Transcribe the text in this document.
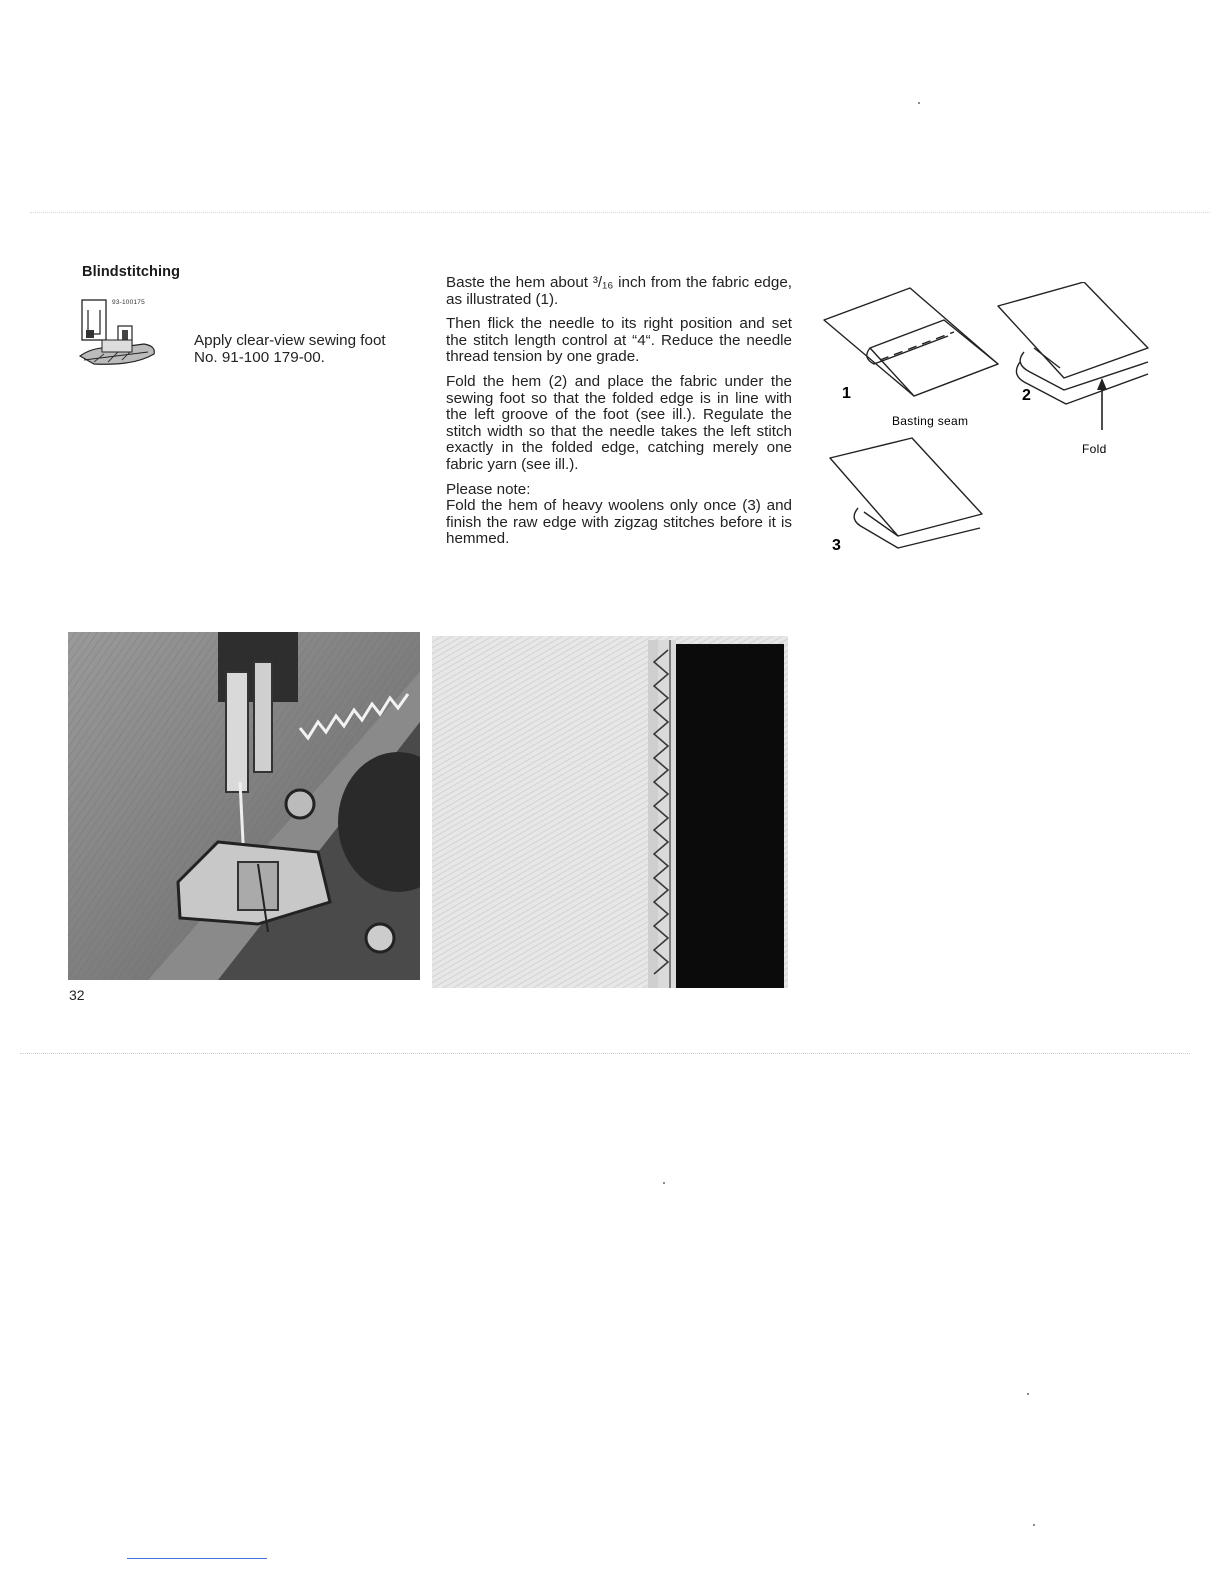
Blindstitching
93-100175
Apply clear-view sewing foot
No. 91-100 179-00.

Baste the hem about ³/₁₆ inch from the fabric edge, as illustrated (1).

Then flick the needle to its right position and set the stitch length control at “4“. Reduce the needle thread tension by one grade.

Fold the hem (2) and place the fabric under the sewing foot so that the folded edge is in line with the left groove of the foot (see ill.). Regulate the stitch width so that the needle takes the left stitch exactly in the folded edge, catching merely one fabric yarn (see ill.).

Please note:

Fold the hem of heavy woolens only once (3) and finish the raw edge with zigzag stitches before it is hemmed.

1
Basting seam
2
Fold
3
32
